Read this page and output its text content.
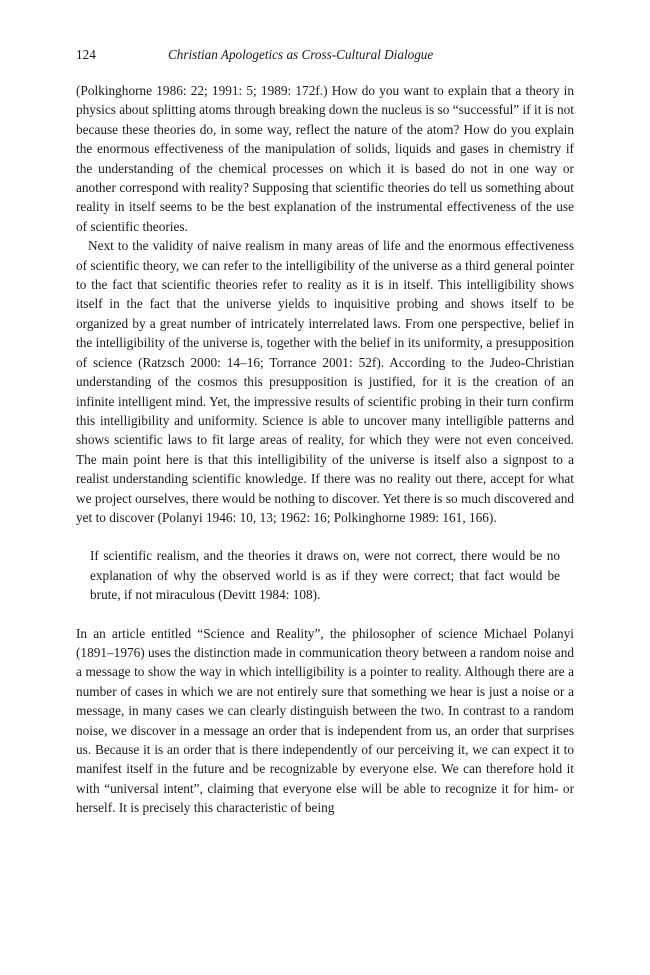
124	Christian Apologetics as Cross-Cultural Dialogue

(Polkinghorne 1986: 22; 1991: 5; 1989: 172f.) How do you want to explain that a theory in physics about splitting atoms through breaking down the nucleus is so “successful” if it is not because these theories do, in some way, reflect the nature of the atom? How do you explain the enormous effectiveness of the manipulation of solids, liquids and gases in chemistry if the understanding of the chemical processes on which it is based do not in one way or another correspond with reality? Supposing that scientific theories do tell us something about reality in itself seems to be the best explanation of the instrumental effectiveness of the use of scientific theories.

Next to the validity of naive realism in many areas of life and the enormous effectiveness of scientific theory, we can refer to the intelligibility of the universe as a third general pointer to the fact that scientific theories refer to reality as it is in itself. This intelligibility shows itself in the fact that the universe yields to inquisitive probing and shows itself to be organized by a great number of intricately interrelated laws. From one perspective, belief in the intelligibility of the universe is, together with the belief in its uniformity, a presupposition of science (Ratzsch 2000: 14–16; Torrance 2001: 52f). According to the Judeo-Christian understanding of the cosmos this presupposition is justified, for it is the creation of an infinite intelligent mind. Yet, the impressive results of scientific probing in their turn confirm this intelligibility and uniformity. Science is able to uncover many intelligible patterns and shows scientific laws to fit large areas of reality, for which they were not even conceived. The main point here is that this intelligibility of the universe is itself also a signpost to a realist understanding scientific knowledge. If there was no reality out there, accept for what we project ourselves, there would be nothing to discover. Yet there is so much discovered and yet to discover (Polanyi 1946: 10, 13; 1962: 16; Polkinghorne 1989: 161, 166).

If scientific realism, and the theories it draws on, were not correct, there would be no explanation of why the observed world is as if they were correct; that fact would be brute, if not miraculous (Devitt 1984: 108).

In an article entitled “Science and Reality”, the philosopher of science Michael Polanyi (1891–1976) uses the distinction made in communication theory between a random noise and a message to show the way in which intelligibility is a pointer to reality. Although there are a number of cases in which we are not entirely sure that something we hear is just a noise or a message, in many cases we can clearly distinguish between the two. In contrast to a random noise, we discover in a message an order that is independent from us, an order that surprises us. Because it is an order that is there independently of our perceiving it, we can expect it to manifest itself in the future and be recognizable by everyone else. We can therefore hold it with “universal intent”, claiming that everyone else will be able to recognize it for him- or herself. It is precisely this characteristic of being
